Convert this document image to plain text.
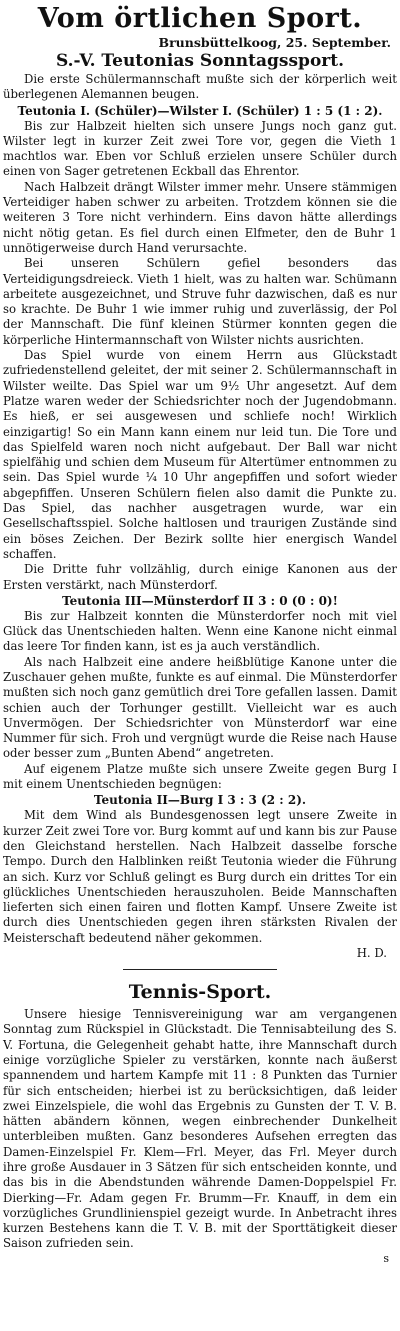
Vom örtlichen Sport.
Brunsbüttelkoog, 25. September.
S.-V. Teutonias Sonntagssport.

Die erste Schülermannschaft mußte sich der körperlich weit überlegenen Alemannen beugen.

Teutonia I. (Schüler)—Wilster I. (Schüler) 1 : 5 (1 : 2).

Bis zur Halbzeit hielten sich unsere Jungs noch ganz gut. Wilster legt in kurzer Zeit zwei Tore vor, gegen die Vieth 1 machtlos war. Eben vor Schluß erzielen unsere Schüler durch einen von Sager getretenen Eckball das Ehrentor.

Nach Halbzeit drängt Wilster immer mehr. Unsere stämmigen Verteidiger haben schwer zu arbeiten. Trotzdem können sie die weiteren 3 Tore nicht verhindern. Eins davon hätte allerdings nicht nötig getan. Es fiel durch einen Elfmeter, den de Buhr 1 unnötigerweise durch Hand verursachte.

Bei unseren Schülern gefiel besonders das Verteidigungsdreieck. Vieth 1 hielt, was zu halten war. Schümann arbeitete ausgezeichnet, und Struve fuhr dazwischen, daß es nur so krachte. De Buhr 1 wie immer ruhig und zuverlässig, der Pol der Mannschaft. Die fünf kleinen Stürmer konnten gegen die körperliche Hintermannschaft von Wilster nichts ausrichten.

Das Spiel wurde von einem Herrn aus Glückstadt zufriedenstellend geleitet, der mit seiner 2. Schülermannschaft in Wilster weilte. Das Spiel war um 9½ Uhr angesetzt. Auf dem Platze waren weder der Schiedsrichter noch der Jugendobmann. Es hieß, er sei ausgewesen und schliefe noch! Wirklich einzigartig! So ein Mann kann einem nur leid tun. Die Tore und das Spielfeld waren noch nicht aufgebaut. Der Ball war nicht spielfähig und schien dem Museum für Altertümer entnommen zu sein. Das Spiel wurde ¼ 10 Uhr angepfiffen und sofort wieder abgepfiffen. Unseren Schülern fielen also damit die Punkte zu. Das Spiel, das nachher ausgetragen wurde, war ein Gesellschaftsspiel. Solche haltlosen und traurigen Zustände sind ein böses Zeichen. Der Bezirk sollte hier energisch Wandel schaffen.

Die Dritte fuhr vollzählig, durch einige Kanonen aus der Ersten verstärkt, nach Münsterdorf.

Teutonia III—Münsterdorf II 3 : 0 (0 : 0)!

Bis zur Halbzeit konnten die Münsterdorfer noch mit viel Glück das Unentschieden halten. Wenn eine Kanone nicht einmal das leere Tor finden kann, ist es ja auch verständlich.

Als nach Halbzeit eine andere heißblütige Kanone unter die Zuschauer gehen mußte, funkte es auf einmal. Die Münsterdorfer mußten sich noch ganz gemütlich drei Tore gefallen lassen. Damit schien auch der Torhunger gestillt. Vielleicht war es auch Unvermögen. Der Schiedsrichter von Münsterdorf war eine Nummer für sich. Froh und vergnügt wurde die Reise nach Hause oder besser zum „Bunten Abend“ angetreten.

Auf eigenem Platze mußte sich unsere Zweite gegen Burg I mit einem Unentschieden begnügen:

Teutonia II—Burg I 3 : 3 (2 : 2).

Mit dem Wind als Bundesgenossen legt unsere Zweite in kurzer Zeit zwei Tore vor. Burg kommt auf und kann bis zur Pause den Gleichstand herstellen. Nach Halbzeit dasselbe forsche Tempo. Durch den Halblinken reißt Teutonia wieder die Führung an sich. Kurz vor Schluß gelingt es Burg durch ein drittes Tor ein glückliches Unentschieden herauszuholen. Beide Mannschaften lieferten sich einen fairen und flotten Kampf. Unsere Zweite ist durch dies Unentschieden gegen ihren stärksten Rivalen der Meisterschaft bedeutend näher gekommen.

H. D.

Tennis-Sport.

Unsere hiesige Tennisvereinigung war am vergangenen Sonntag zum Rückspiel in Glückstadt. Die Tennisabteilung des S. V. Fortuna, die Gelegenheit gehabt hatte, ihre Mannschaft durch einige vorzügliche Spieler zu verstärken, konnte nach äußerst spannendem und hartem Kampfe mit 11 : 8 Punkten das Turnier für sich entscheiden; hierbei ist zu berücksichtigen, daß leider zwei Einzelspiele, die wohl das Ergebnis zu Gunsten der T. V. B. hätten abändern können, wegen einbrechender Dunkelheit unterbleiben mußten. Ganz besonderes Aufsehen erregten das Damen-Einzelspiel Fr. Klem—Frl. Meyer, das Frl. Meyer durch ihre große Ausdauer in 3 Sätzen für sich entscheiden konnte, und das bis in die Abendstunden währende Damen-Doppelspiel Fr. Dierking—Fr. Adam gegen Fr. Brumm—Fr. Knauff, in dem ein vorzügliches Grundlinienspiel gezeigt wurde. In Anbetracht ihres kurzen Bestehens kann die T. V. B. mit der Sporttätigkeit dieser Saison zufrieden sein.

s
